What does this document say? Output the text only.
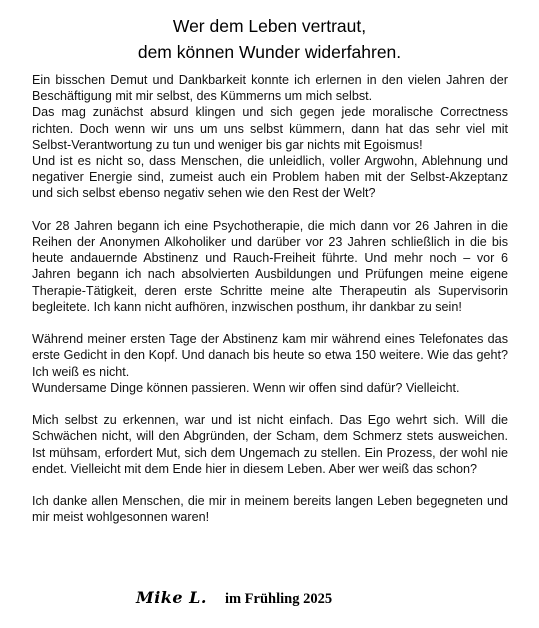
Wer dem Leben vertraut,
dem können Wunder widerfahren.

Ein bisschen Demut und Dankbarkeit konnte ich erlernen in den vielen Jahren der Beschäftigung mit mir selbst, des Kümmerns um mich selbst.
Das mag zunächst absurd klingen und sich gegen jede moralische Correctness richten. Doch wenn wir uns um uns selbst kümmern, dann hat das sehr viel mit Selbst-Verantwortung zu tun und weniger bis gar nichts mit Egoismus!
Und ist es nicht so, dass Menschen, die unleidlich, voller Argwohn, Ablehnung und negativer Energie sind, zumeist auch ein Problem haben mit der Selbst-Akzeptanz und sich selbst ebenso negativ sehen wie den Rest der Welt?

Vor 28 Jahren begann ich eine Psychotherapie, die mich dann vor 26 Jahren in die Reihen der Anonymen Alkoholiker und darüber vor 23 Jahren schließlich in die bis heute andauernde Abstinenz und Rauch-Freiheit führte. Und mehr noch – vor 6 Jahren begann ich nach absolvierten Ausbildungen und Prüfungen meine eigene Therapie-Tätigkeit, deren erste Schritte meine alte Therapeutin als Supervisorin begleitete. Ich kann nicht aufhören, inzwischen posthum, ihr dankbar zu sein!

Während meiner ersten Tage der Abstinenz kam mir während eines Telefonates das erste Gedicht in den Kopf. Und danach bis heute so etwa 150 weitere. Wie das geht? Ich weiß es nicht.
Wundersame Dinge können passieren. Wenn wir offen sind dafür? Vielleicht.

Mich selbst zu erkennen, war und ist nicht einfach. Das Ego wehrt sich. Will die Schwächen nicht, will den Abgründen, der Scham, dem Schmerz stets ausweichen. Ist mühsam, erfordert Mut, sich dem Ungemach zu stellen. Ein Prozess, der wohl nie endet. Vielleicht mit dem Ende hier in diesem Leben. Aber wer weiß das schon?

Ich danke allen Menschen, die mir in meinem bereits langen Leben begegneten und mir meist wohlgesonnen waren!

Mike L. im Frühling 2025
